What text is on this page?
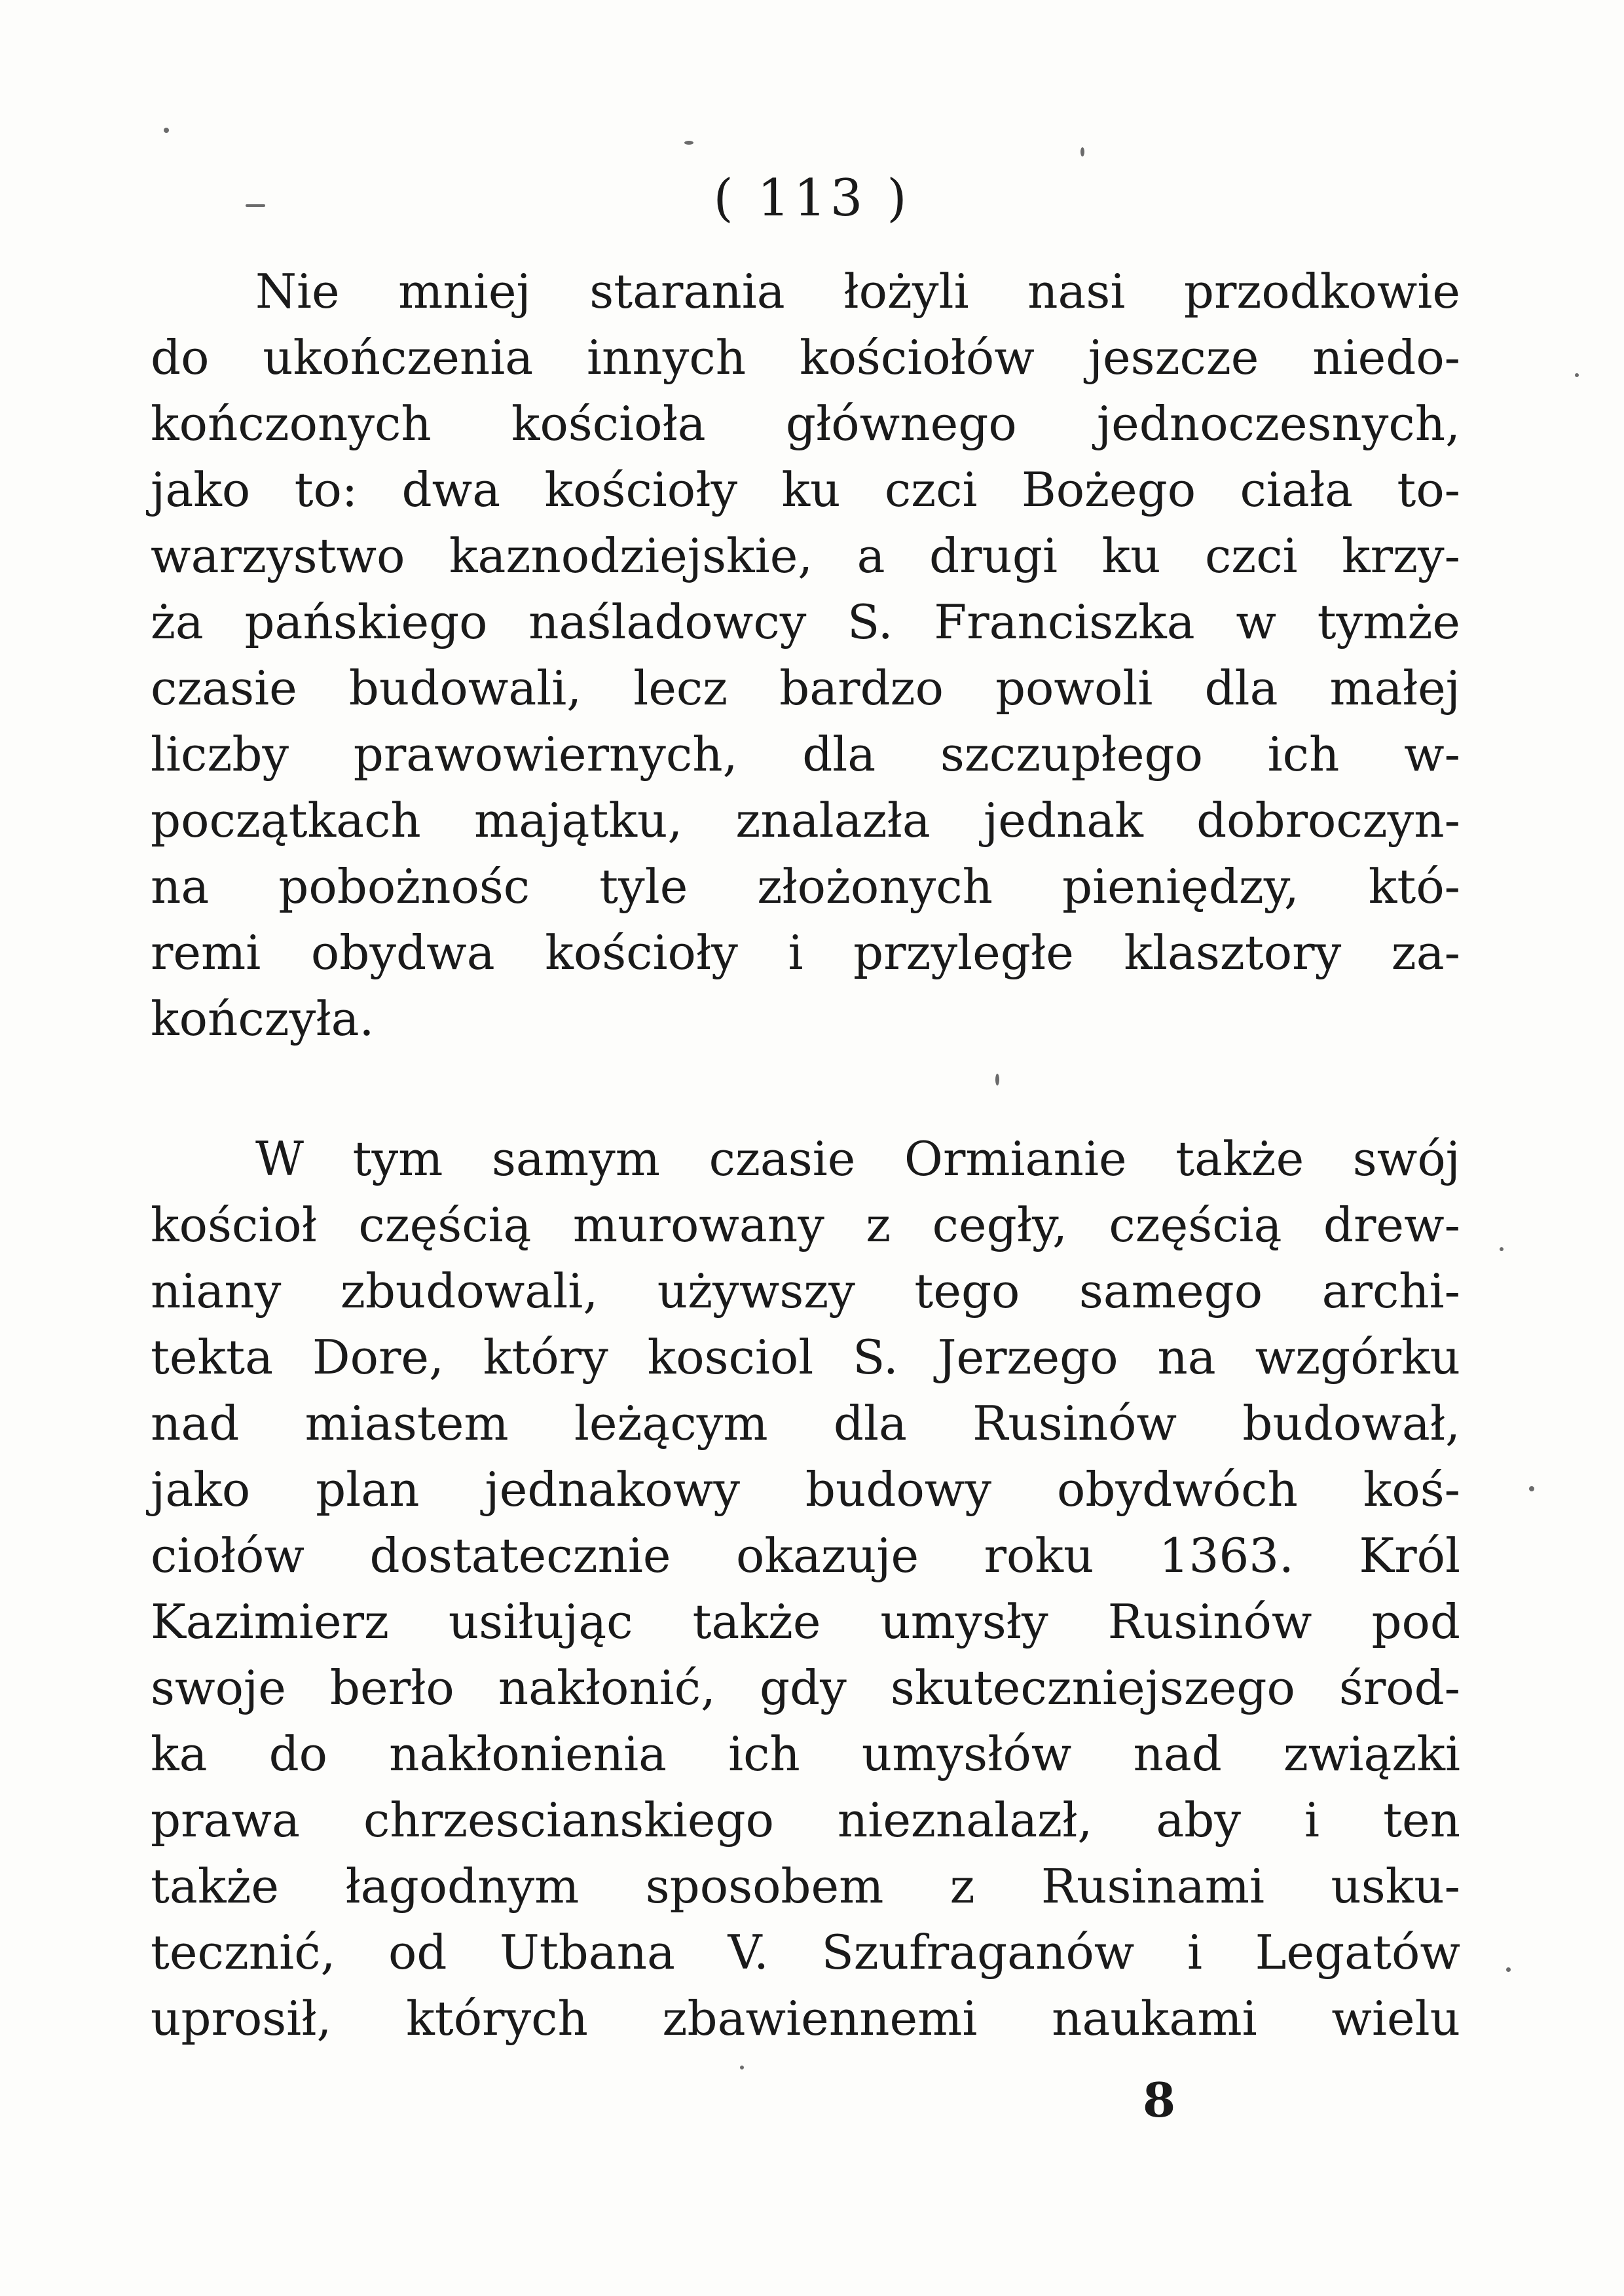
( 113 )
Nie mniej starania łożyli nasi przodkowie
do ukończenia innych kościołów jeszcze niedo-
kończonych kościoła głównego jednoczesnych,
jako to: dwa kościoły ku czci Bożego ciała to-
warzystwo kaznodziejskie, a drugi ku czci krzy-
ża pańskiego naśladowcy S. Franciszka w tymże
czasie budowali, lecz bardzo powoli dla małej
liczby prawowiernych, dla szczupłego ich w-
początkach majątku, znalazła jednak dobroczyn-
na pobożnośc tyle złożonych pieniędzy, któ-
remi obydwa kościoły i przyległe klasztory za-
kończyła.
W tym samym czasie Ormianie także swój
kościoł częścią murowany z cegły, częścią drew-
niany zbudowali, używszy tego samego archi-
tekta Dore, który kosciol S. Jerzego na wzgórku
nad miastem leżącym dla Rusinów budował,
jako plan jednakowy budowy obydwóch koś-
ciołów dostatecznie okazuje roku 1363. Król
Kazimierz usiłując także umysły Rusinów pod
swoje berło nakłonić, gdy skuteczniejszego środ-
ka do nakłonienia ich umysłów nad związki
prawa chrzescianskiego nieznalazł, aby i ten
także łagodnym sposobem z Rusinami usku-
tecznić, od Utbana V. Szufraganów i Legatów
uprosił, których zbawiennemi naukami wielu
8
